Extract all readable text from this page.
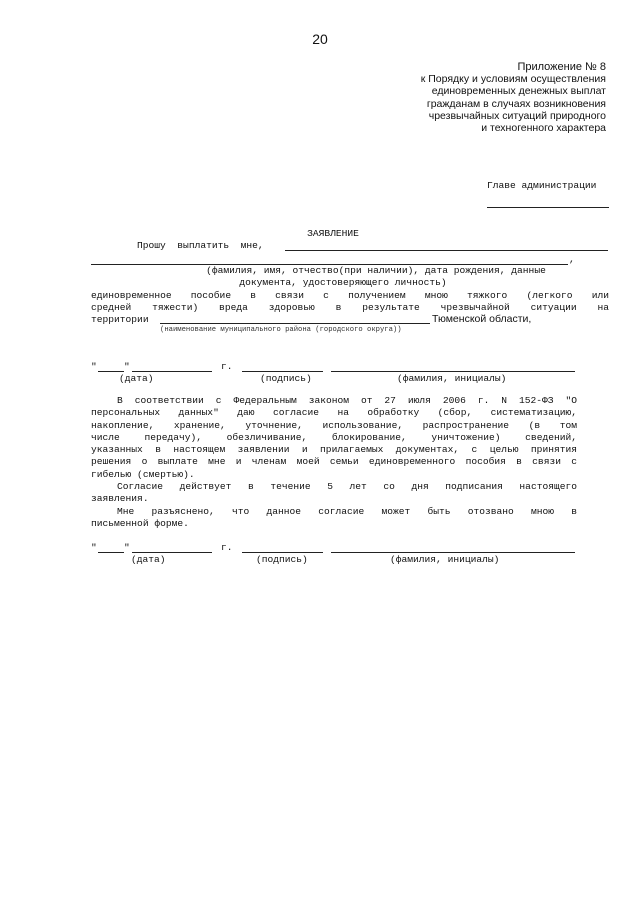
20
Приложение № 8
к Порядку и условиям осуществления
единовременных денежных выплат
гражданам в случаях возникновения
чрезвычайных ситуаций природного
и техногенного характера
Главе администрации
ЗАЯВЛЕНИЕ
Прошу  выплатить  мне,
,
(фамилия, имя, отчество(при наличии), дата рождения, данные
документа, удостоверяющего личность)
единовременное пособие в связи с получением мною тяжкого (легкого или
средней тяжести) вреда здоровью в результате чрезвычайной ситуации на
территории	Тюменской области,
(наименование муниципального района (городского округа))
"	"	г.
(дата)	(подпись)	(фамилия, инициалы)
В соответствии с Федеральным законом от 27 июля 2006 г. N 152-ФЗ "О
персональных данных" даю согласие на обработку (сбор, систематизацию,
накопление, хранение, уточнение, использование, распространение (в том
числе передачу), обезличивание, блокирование, уничтожение) сведений,
указанных в настоящем заявлении и прилагаемых документах, с целью принятия
решения о выплате мне и членам моей семьи единовременного пособия в связи с
гибелью (смертью).
Согласие действует в течение 5 лет со дня подписания настоящего
заявления.
Мне разъяснено, что данное согласие может быть отозвано мною в
письменной форме.
"	"	г.
(дата)	(подпись)	(фамилия, инициалы)
